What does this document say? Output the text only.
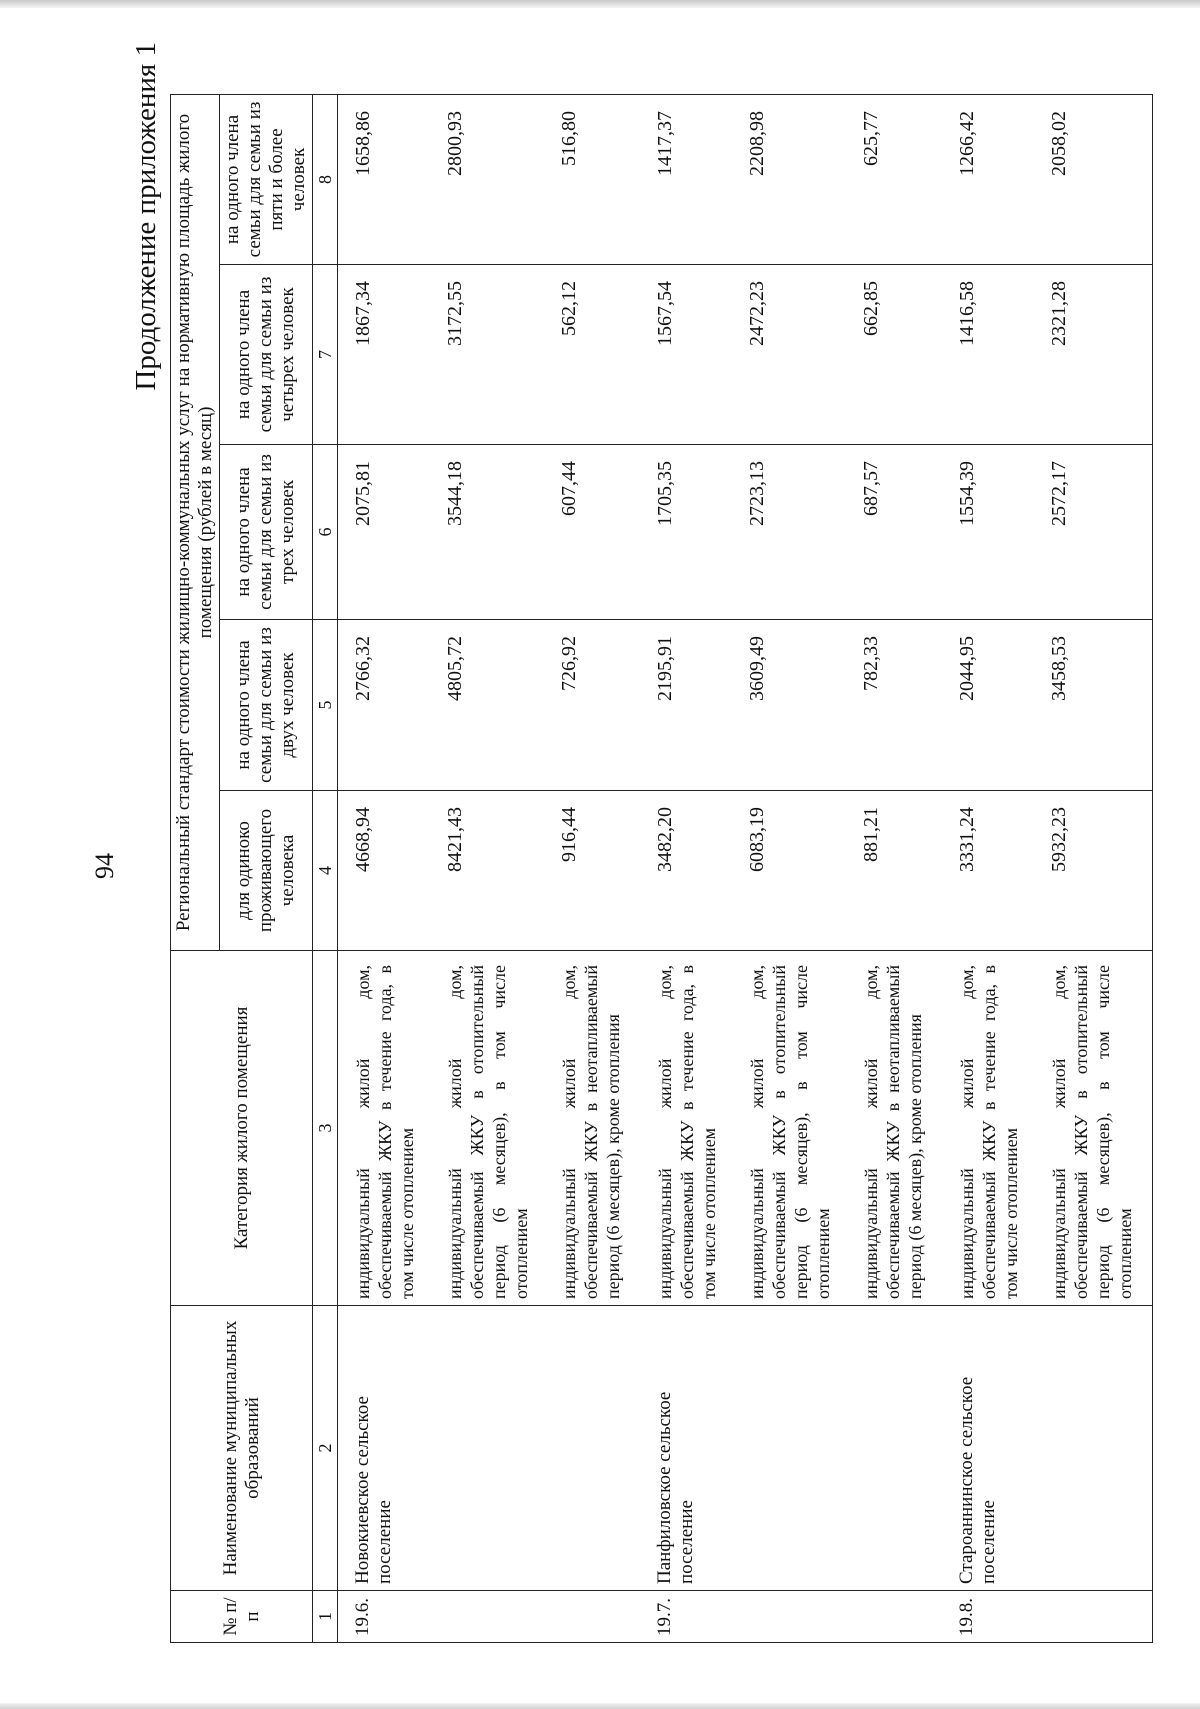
94
Продолжение приложения 1
№ п/п	Наименование муниципальных образований	Категория жилого помещения	Региональный стандарт стоимости жилищно-коммунальных услуг на нормативную площадь жилого помещения (рублей в месяц)				
			для одиноко проживающего человека	на одного члена семьи для семьи из двух человек	на одного члена семьи для семьи из трех человек	на одного члена семьи для семьи из четырех человек	на одного члена семьи для семьи из пяти и более человек
1	2	3	4	5	6	7	8
19.6.	Новокиевское сельское поселение	индивидуальный жилой дом, обеспечиваемый ЖКУ в течение года, в том числе отоплением	4668,94	2766,32	2075,81	1867,34	1658,86
		индивидуальный жилой дом, обеспечиваемый ЖКУ в отопительный период (6 месяцев), в том числе отоплением	8421,43	4805,72	3544,18	3172,55	2800,93
		индивидуальный жилой дом, обеспечиваемый ЖКУ в неотапливаемый период (6 месяцев), кроме отопления	916,44	726,92	607,44	562,12	516,80
19.7.	Панфиловское сельское поселение	индивидуальный жилой дом, обеспечиваемый ЖКУ в течение года, в том числе отоплением	3482,20	2195,91	1705,35	1567,54	1417,37
		индивидуальный жилой дом, обеспечиваемый ЖКУ в отопительный период (6 месяцев), в том числе отоплением	6083,19	3609,49	2723,13	2472,23	2208,98
		индивидуальный жилой дом, обеспечиваемый ЖКУ в неотапливаемый период (6 месяцев), кроме отопления	881,21	782,33	687,57	662,85	625,77
19.8.	Староаннинское сельское поселение	индивидуальный жилой дом, обеспечиваемый ЖКУ в течение года, в том числе отоплением	3331,24	2044,95	1554,39	1416,58	1266,42
		индивидуальный жилой дом, обеспечиваемый ЖКУ в отопительный период (6 месяцев), в том числе отоплением	5932,23	3458,53	2572,17	2321,28	2058,02
